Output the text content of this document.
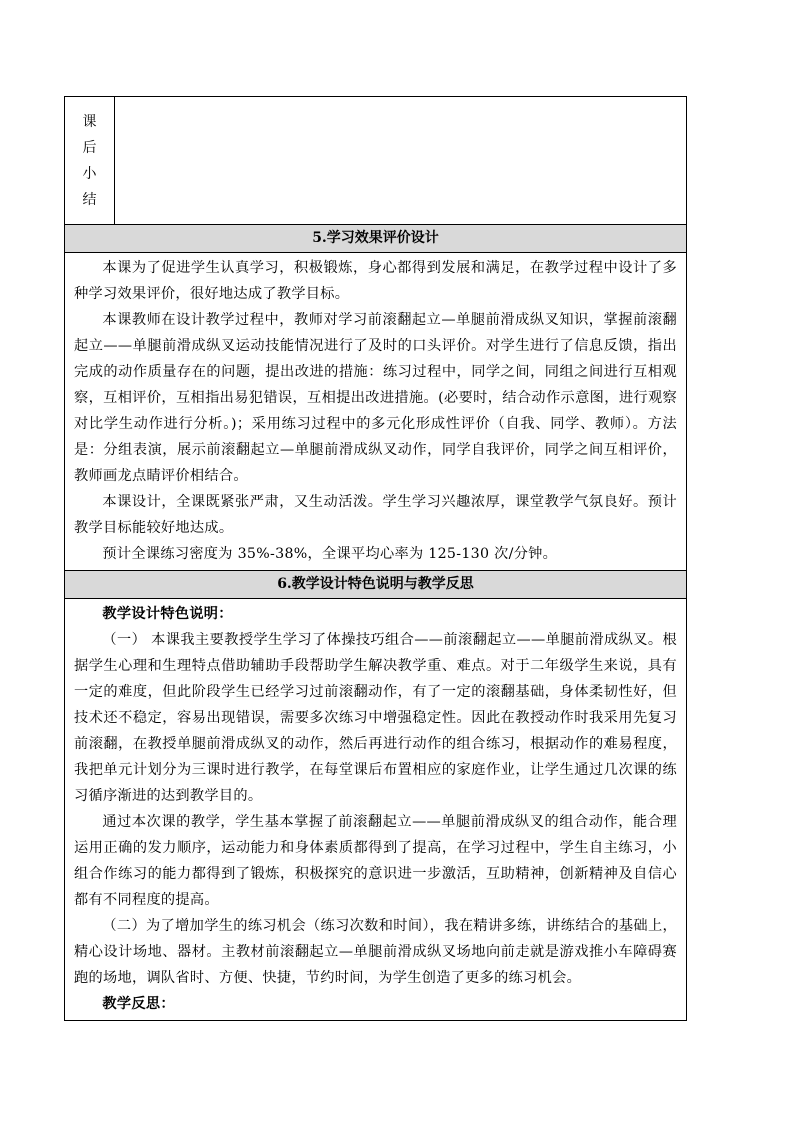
课
后
小
结
5.学习效果评价设计

本课为了促进学生认真学习，积极锻炼，身心都得到发展和满足，在教学过程中设计了多种学习效果评价，很好地达成了教学目标。

本课教师在设计教学过程中，教师对学习前滚翻起立—单腿前滑成纵叉知识，掌握前滚翻起立——单腿前滑成纵叉运动技能情况进行了及时的口头评价。对学生进行了信息反馈，指出完成的动作质量存在的问题，提出改进的措施：练习过程中，同学之间，同组之间进行互相观察，互相评价，互相指出易犯错误，互相提出改进措施。(必要时，结合动作示意图，进行观察对比学生动作进行分析。)；采用练习过程中的多元化形成性评价（自我、同学、教师）。方法是：分组表演，展示前滚翻起立—单腿前滑成纵叉动作，同学自我评价，同学之间互相评价，教师画龙点睛评价相结合。

本课设计，全课既紧张严肃，又生动活泼。学生学习兴趣浓厚，课堂教学气氛良好。预计教学目标能较好地达成。

预计全课练习密度为 35%-38%，全课平均心率为 125-130 次/分钟。

6.教学设计特色说明与教学反思

教学设计特色说明：

（一） 本课我主要教授学生学习了体操技巧组合——前滚翻起立——单腿前滑成纵叉。根据学生心理和生理特点借助辅助手段帮助学生解决教学重、难点。对于二年级学生来说，具有一定的难度，但此阶段学生已经学习过前滚翻动作，有了一定的滚翻基础，身体柔韧性好，但技术还不稳定，容易出现错误，需要多次练习中增强稳定性。因此在教授动作时我采用先复习前滚翻，在教授单腿前滑成纵叉的动作，然后再进行动作的组合练习，根据动作的难易程度，我把单元计划分为三课时进行教学，在每堂课后布置相应的家庭作业，让学生通过几次课的练习循序渐进的达到教学目的。

通过本次课的教学，学生基本掌握了前滚翻起立——单腿前滑成纵叉的组合动作，能合理运用正确的发力顺序，运动能力和身体素质都得到了提高，在学习过程中，学生自主练习，小组合作练习的能力都得到了锻炼，积极探究的意识进一步激活，互助精神，创新精神及自信心都有不同程度的提高。

（二）为了增加学生的练习机会（练习次数和时间），我在精讲多练，讲练结合的基础上，精心设计场地、器材。主教材前滚翻起立—单腿前滑成纵叉场地向前走就是游戏推小车障碍赛跑的场地，调队省时、方便、快捷，节约时间，为学生创造了更多的练习机会。

教学反思：
